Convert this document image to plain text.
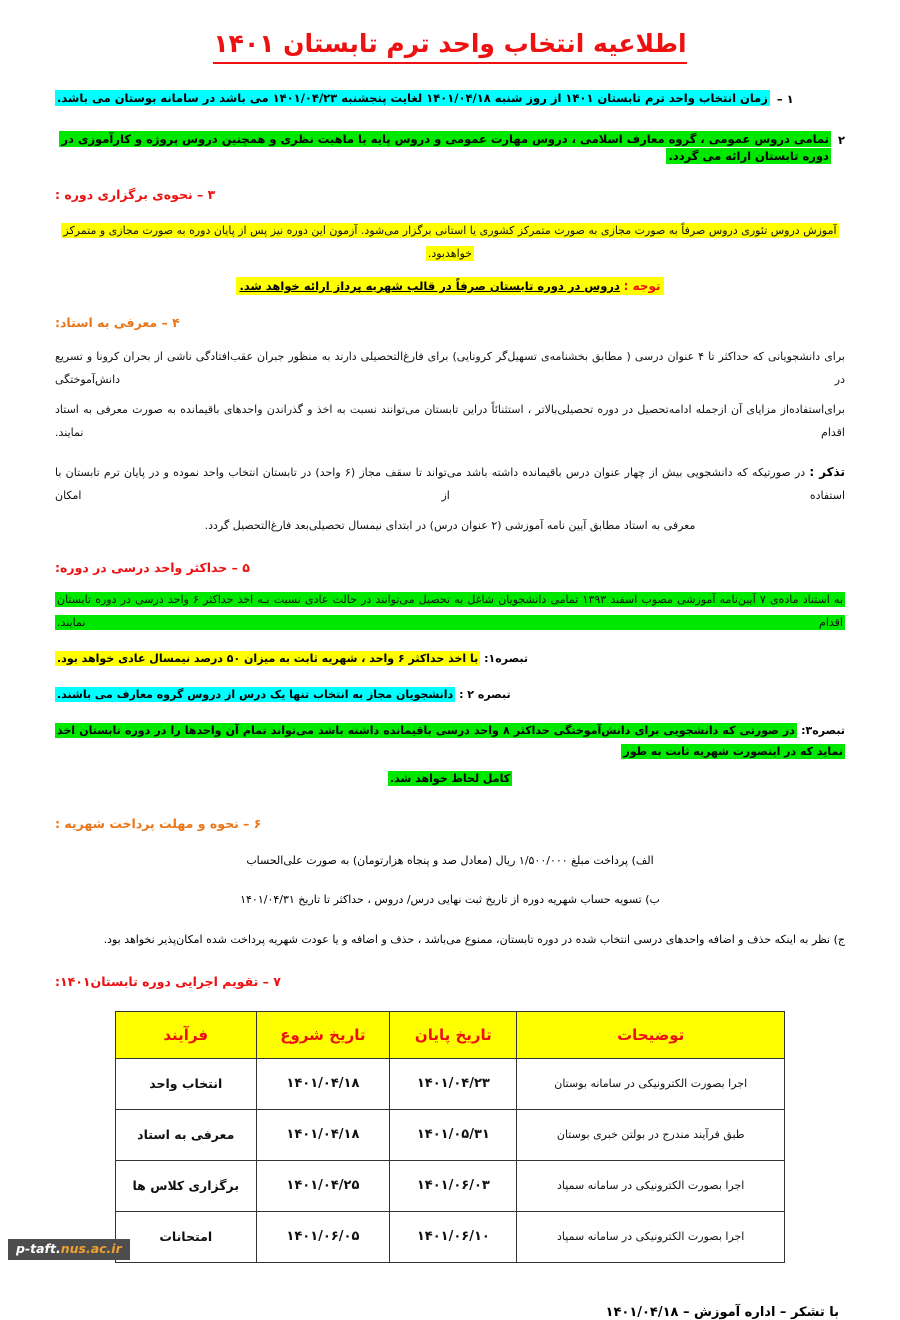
اطلاعیه انتخاب واحد ترم تابستان ۱۴۰۱
۱ –
زمان انتخاب واحد ترم تابستان ۱۴۰۱ از روز شنبه ۱۴۰۱/۰۴/۱۸ لغایت پنجشنبه ۱۴۰۱/۰۴/۲۳ می باشد در سامانه بوستان می باشد.
۲
تمامی دروس عمومی ، گروه معارف اسلامی ، دروس مهارت عمومی و دروس پایه با ماهیت نظری و همچنین دروس پروژه و کارآموزی در دوره تابستان ارائه می گردد.
۳ – نحوه‌ی برگزاری دوره :
آموزش دروس تئوری دروس صرفاً به صورت مجازی به صورت متمرکز کشوری یا استانی برگزار می‌شود. آزمون این دوره نیز پس از پایان دوره به صورت مجازی و متمرکز خواهدبود.
توجه : دروس در دوره تابستان صرفاً در قالب شهریه پرداز ارائه خواهد شد.
۴ – معرفی به استاد:
برای دانشجویانی که حداکثر تا ۴ عنوان درسی ( مطابق بخشنامه‌ی تسهیل‌گر کرونایی) برای فارغ‌التحصیلی دارند به منظور جبران عقب‌افتادگی ناشی از بحران کرونا و تسریع در دانش‌آموختگی
برای‌استفاده‌از مزایای آن از‌جمله ادامه‌تحصیل در دوره تحصیلی‌بالاتر ، استثنائاً در‌این تابستان می‌توانند نسبت به اخذ و گذراندن واحدهای باقیمانده به صورت معرفی به استاد اقدام نمایند.
تذکر : در صورتیکه که دانشجویی بیش از چهار عنوان درس باقیمانده داشته باشد می‌تواند تا سقف مجاز (۶ واحد) در تابستان انتخاب واحد نموده و در پایان ترم تابستان با استفاده از امکان
معرفی به استاد مطابق آیین نامه آموزشی (۲ عنوان درس) در ابتدای نیمسال تحصیلی‌بعد فارغ‌التحصیل گردد.
۵ – حداکثر واحد درسی در دوره:
به استناد ماده‌ی ۷ آیین‌نامه آموزشی مصوب اسفند ۱۳۹۳ تمامی دانشجویان شاغل به تحصیل می‌توانند در حالت عادی نسبت بـه اخذ حداکثر ۶ واحد درسی در دوره تابستان اقدام نمایند.
تبصره۱: با اخذ حداکثر ۶ واحد ، شهریه ثابت به میزان ۵۰ درصد نیمسال عادی خواهد بود.
تبصره ۲ : دانشجویان مجاز به انتخاب تنها یک درس از دروس گروه معارف می باشند.
تبصره۳: در صورتی که دانشجویی برای دانش‌آموختگی حداکثر ۸ واحد درسی باقیمانده داشته باشد می‌تواند تمام آن واحدها را در دوره تابستان اخذ نماید که در اینصورت شهریه ثابت به طور
کامل لحاظ خواهد شد.
۶ – نحوه و مهلت پرداخت شهریه :
الف) پرداخت مبلغ ۱/۵۰۰/۰۰۰ ریال (معادل صد و پنجاه هزارتومان) به صورت علی‌الحساب
ب) تسویه حساب شهریه دوره از تاریخ ثبت نهایی درس/ دروس ، حداکثر تا تاریخ ۱۴۰۱/۰۴/۳۱
ج) نظر به اینکه حذف و اضافه واحدهای درسی انتخاب شده در دوره تابستان، ممنوع می‌باشد ، حذف و اضافه و یا عودت شهریه پرداخت شده امکان‌پذیر نخواهد بود.
۷ – تقویم اجرایی دوره تابستان۱۴۰۱:
توضیحات	تاریخ پایان	تاریخ شروع	فرآیند
اجرا بصورت الکترونیکی در سامانه بوستان	۱۴۰۱/۰۴/۲۳	۱۴۰۱/۰۴/۱۸	انتخاب واحد
طبق فرآیند مندرج در بولتن خبری بوستان	۱۴۰۱/۰۵/۳۱	۱۴۰۱/۰۴/۱۸	معرفی به استاد
اجرا بصورت الکترونیکی در سامانه سمپاد	۱۴۰۱/۰۶/۰۳	۱۴۰۱/۰۴/۲۵	برگزاری کلاس ها
اجرا بصورت الکترونیکی در سامانه سمپاد	۱۴۰۱/۰۶/۱۰	۱۴۰۱/۰۶/۰۵	امتحانات
با تشکر – اداره آموزش – ۱۴۰۱/۰۴/۱۸
p-taft.nus.ac.ir
